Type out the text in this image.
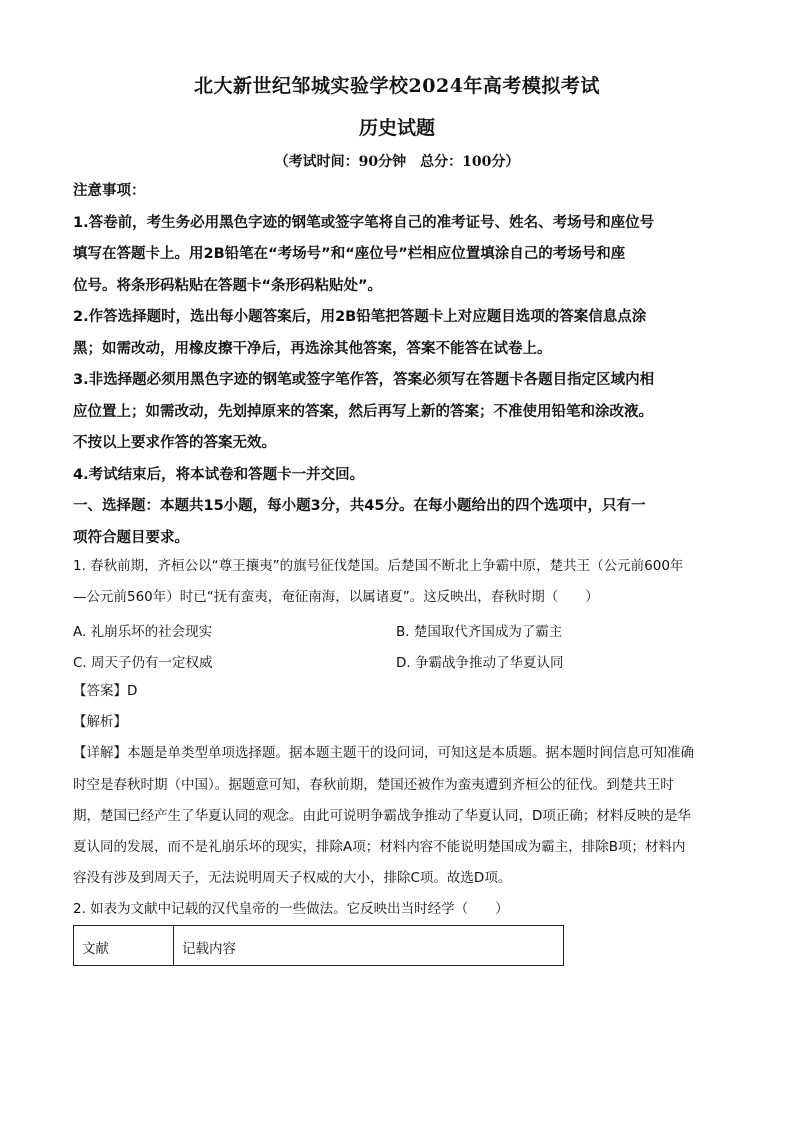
北大新世纪邹城实验学校2024年高考模拟考试
历史试题
（考试时间：90分钟　总分：100分）
注意事项：
1.答卷前，考生务必用黑色字迹的钢笔或签字笔将自己的准考证号、姓名、考场号和座位号
填写在答题卡上。用2B铅笔在“考场号”和“座位号”栏相应位置填涂自己的考场号和座
位号。将条形码粘贴在答题卡“条形码粘贴处”。
2.作答选择题时，选出每小题答案后，用2B铅笔把答题卡上对应题目选项的答案信息点涂
黑；如需改动，用橡皮擦干净后，再选涂其他答案，答案不能答在试卷上。
3.非选择题必须用黑色字迹的钢笔或签字笔作答，答案必须写在答题卡各题目指定区域内相
应位置上；如需改动，先划掉原来的答案，然后再写上新的答案；不准使用铅笔和涂改液。
不按以上要求作答的答案无效。
4.考试结束后，将本试卷和答题卡一并交回。
一、选择题：本题共15小题，每小题3分，共45分。在每小题给出的四个选项中，只有一
项符合题目要求。
1. 春秋前期，齐桓公以“尊王攘夷”的旗号征伐楚国。后楚国不断北上争霸中原，楚共王（公元前600年
—公元前560年）时已“抚有蛮夷，奄征南海，以属诸夏”。这反映出，春秋时期（　　）
A. 礼崩乐坏的社会现实	B. 楚国取代齐国成为了霸主
C. 周天子仍有一定权威	D. 争霸战争推动了华夏认同
【答案】D
【解析】
【详解】本题是单类型单项选择题。据本题主题干的设问词，可知这是本质题。据本题时间信息可知准确
时空是春秋时期（中国）。据题意可知，春秋前期，楚国还被作为蛮夷遭到齐桓公的征伐。到楚共王时
期，楚国已经产生了华夏认同的观念。由此可说明争霸战争推动了华夏认同，D项正确；材料反映的是华
夏认同的发展，而不是礼崩乐坏的现实，排除A项；材料内容不能说明楚国成为霸主，排除B项；材料内
容没有涉及到周天子，无法说明周天子权威的大小，排除C项。故选D项。
2. 如表为文献中记载的汉代皇帝的一些做法。它反映出当时经学（　　）
文献	记载内容
